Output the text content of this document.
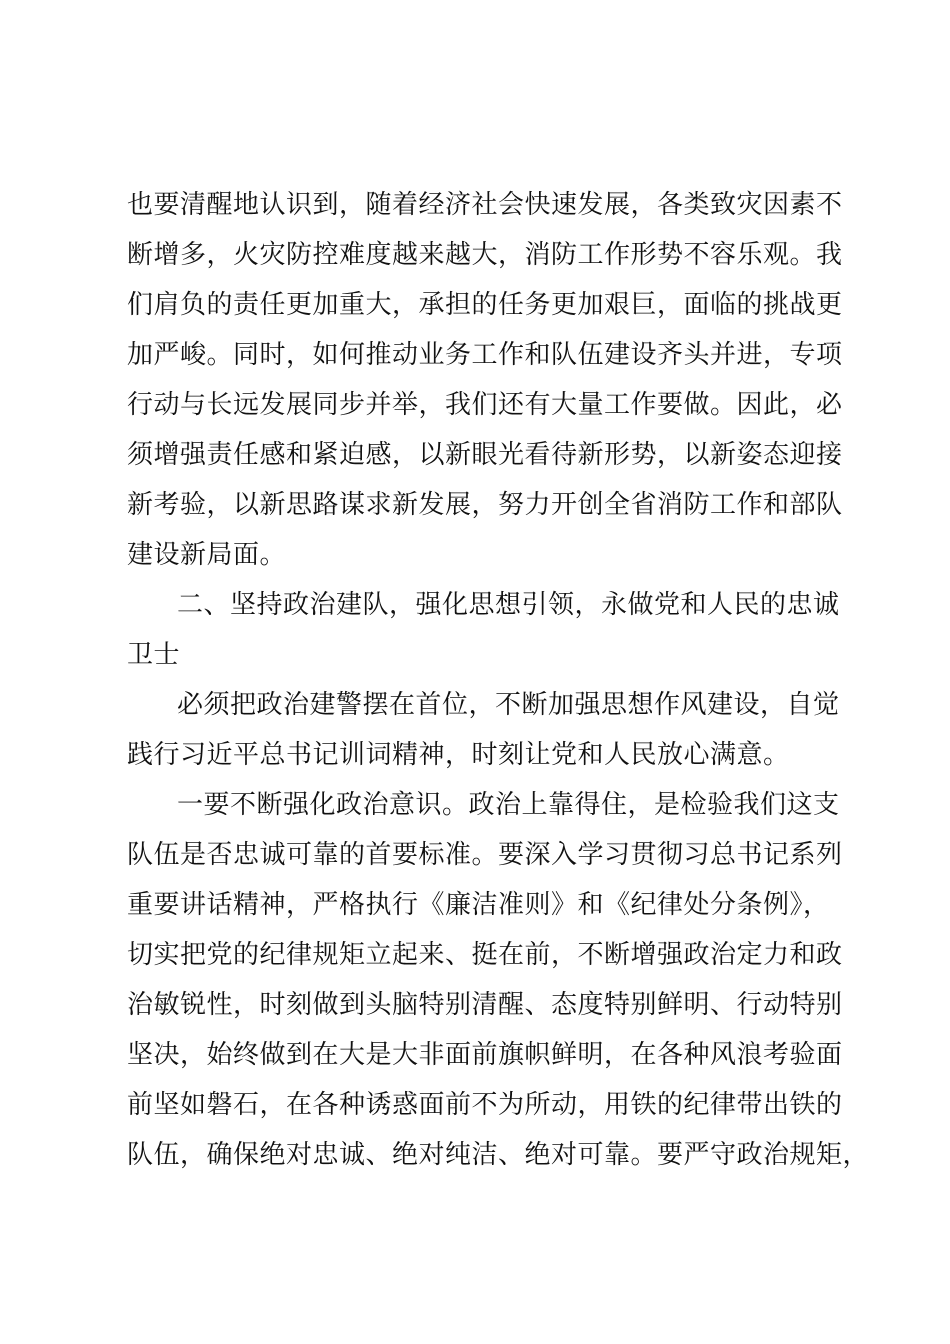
也要清醒地认识到，随着经济社会快速发展，各类致灾因素不
断增多，火灾防控难度越来越大，消防工作形势不容乐观。我
们肩负的责任更加重大，承担的任务更加艰巨，面临的挑战更
加严峻。同时，如何推动业务工作和队伍建设齐头并进，专项
行动与长远发展同步并举，我们还有大量工作要做。因此，必
须增强责任感和紧迫感，以新眼光看待新形势，以新姿态迎接
新考验，以新思路谋求新发展，努力开创全省消防工作和部队
建设新局面。
二、坚持政治建队，强化思想引领，永做党和人民的忠诚
卫士
必须把政治建警摆在首位，不断加强思想作风建设，自觉
践行习近平总书记训词精神，时刻让党和人民放心满意。
一要不断强化政治意识。政治上靠得住，是检验我们这支
队伍是否忠诚可靠的首要标准。要深入学习贯彻习总书记系列
重要讲话精神，严格执行《廉洁准则》和《纪律处分条例》，
切实把党的纪律规矩立起来、挺在前，不断增强政治定力和政
治敏锐性，时刻做到头脑特别清醒、态度特别鲜明、行动特别
坚决，始终做到在大是大非面前旗帜鲜明，在各种风浪考验面
前坚如磐石，在各种诱惑面前不为所动，用铁的纪律带出铁的
队伍，确保绝对忠诚、绝对纯洁、绝对可靠。要严守政治规矩，
